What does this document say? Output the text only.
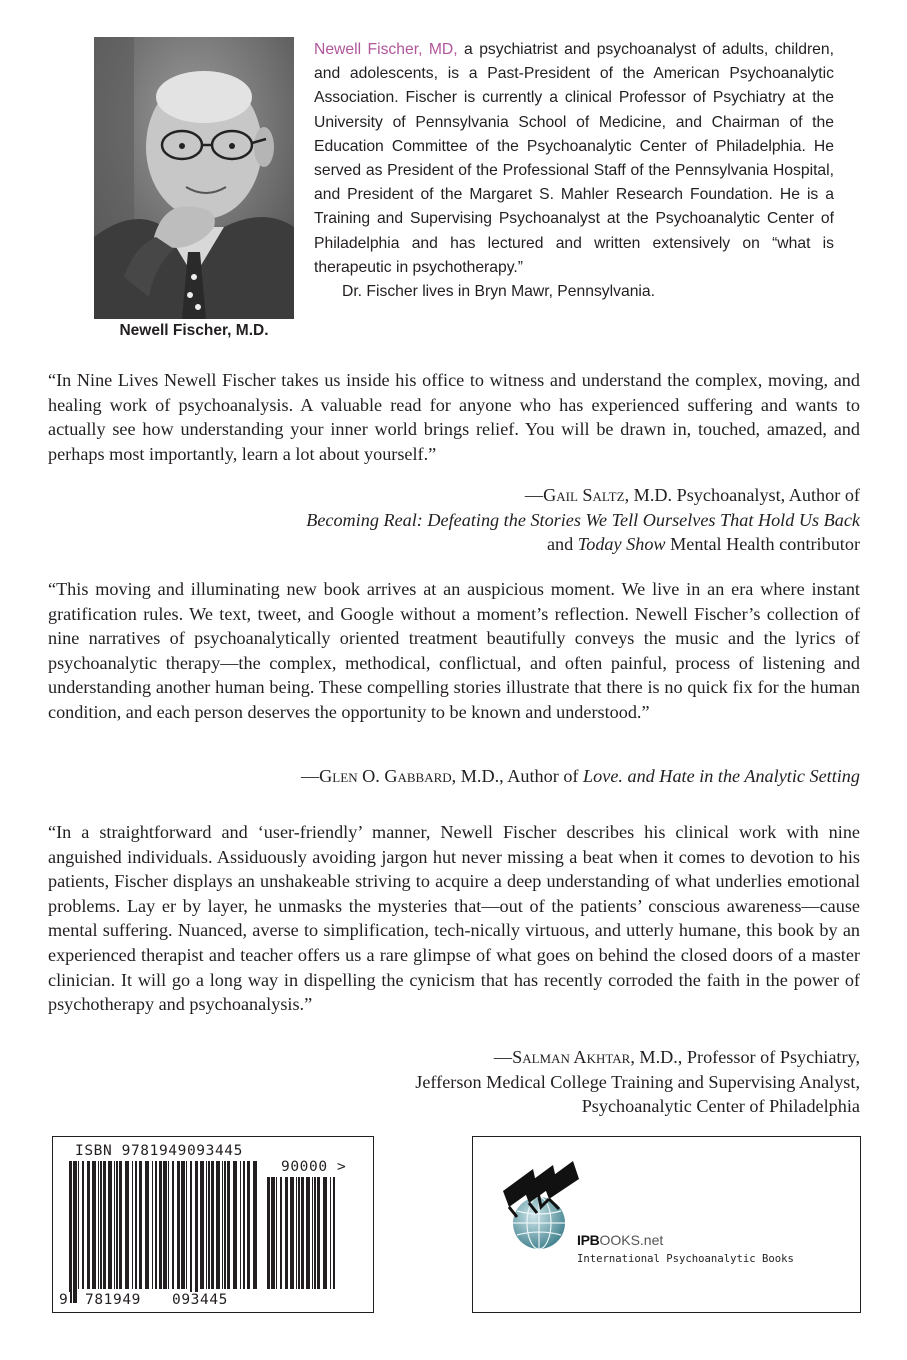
Newell Fischer, M.D.
Newell Fischer, MD, a psychiatrist and psychoanalyst of adults, children, and adolescents, is a Past-President of the American Psychoanalytic Association. Fischer is currently a clinical Professor of Psychiatry at the University of Pennsylvania School of Medicine, and Chairman of the Education Committee of the Psychoanalytic Center of Philadelphia. He served as President of the Professional Staff of the Pennsylvania Hospital, and President of the Margaret S. Mahler Research Foundation. He is a Training and Supervising Psychoanalyst at the Psychoanalytic Center of Philadelphia and has lectured and written extensively on “what is therapeutic in psychotherapy.”
Dr. Fischer lives in Bryn Mawr, Pennsylvania.
“In Nine Lives Newell Fischer takes us inside his office to witness and understand the complex, moving, and healing work of psychoanalysis. A valuable read for anyone who has experienced suffering and wants to actually see how understanding your inner world brings relief. You will be drawn in, touched, amazed, and perhaps most importantly, learn a lot about yourself.”
—Gail Saltz, M.D. Psychoanalyst, Author of
Becoming Real: Defeating the Stories We Tell Ourselves That Hold Us Back
and Today Show Mental Health contributor
“This moving and illuminating new book arrives at an auspicious moment. We live in an era where instant gratification rules. We text, tweet, and Google without a moment’s reflection. Newell Fischer’s collection of nine narratives of psychoanalytically oriented treatment beautifully conveys the music and the lyrics of psychoanalytic therapy—the complex, methodical, conflictual, and often painful, process of listening and understanding another human being. These compelling stories illustrate that there is no quick fix for the human condition, and each person deserves the opportunity to be known and understood.”
—Glen O. Gabbard, M.D., Author of Love. and Hate in the Analytic Setting
“In a straightforward and ‘user-friendly’ manner, Newell Fischer describes his clinical work with nine anguished individuals. Assiduously avoiding jargon hut never missing a beat when it comes to devotion to his patients, Fischer displays an unshakeable striving to acquire a deep understanding of what underlies emotional problems. Lay er by layer, he unmasks the mysteries that—out of the patients’ conscious awareness—cause mental suffering. Nuanced, averse to simplification, tech-nically virtuous, and utterly humane, this book by an experienced therapist and teacher offers us a rare glimpse of what goes on behind the closed doors of a master clinician. It will go a long way in dispelling the cynicism that has recently corroded the faith in the power of psychotherapy and psychoanalysis.”
—Salman Akhtar, M.D., Professor of Psychiatry,
Jefferson Medical College Training and Supervising Analyst,
Psychoanalytic Center of Philadelphia
ISBN 9781949093445
90000 >
9 781949 093445
IPBOOKS.net
International Psychoanalytic Books
